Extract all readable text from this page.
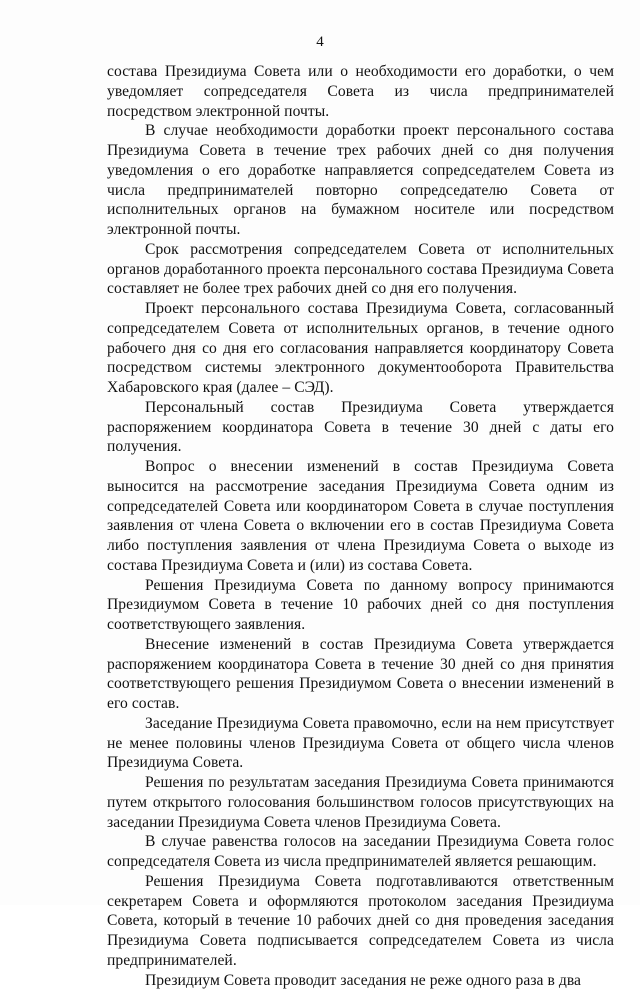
4

состава Президиума Совета или о необходимости его доработки, о чем уведомляет сопредседателя Совета из числа предпринимателей посредством электронной почты.

В случае необходимости доработки проект персонального состава Президиума Совета в течение трех рабочих дней со дня получения уведомления о его доработке направляется сопредседателем Совета из числа предпринимателей повторно сопредседателю Совета от исполнительных органов на бумажном носителе или посредством электронной почты.

Срок рассмотрения сопредседателем Совета от исполнительных органов доработанного проекта персонального состава Президиума Совета составляет не более трех рабочих дней со дня его получения.

Проект персонального состава Президиума Совета, согласованный сопредседателем Совета от исполнительных органов, в течение одного рабочего дня со дня его согласования направляется координатору Совета посредством системы электронного документооборота Правительства Хабаровского края (далее – СЭД).

Персональный состав Президиума Совета утверждается распоряжением координатора Совета в течение 30 дней с даты его получения.

Вопрос о внесении изменений в состав Президиума Совета выносится на рассмотрение заседания Президиума Совета одним из сопредседателей Совета или координатором Совета в случае поступления заявления от члена Совета о включении его в состав Президиума Совета либо поступления заявления от члена Президиума Совета о выходе из состава Президиума Совета и (или) из состава Совета.

Решения Президиума Совета по данному вопросу принимаются Президиумом Совета в течение 10 рабочих дней со дня поступления соответствующего заявления.

Внесение изменений в состав Президиума Совета утверждается распоряжением координатора Совета в течение 30 дней со дня принятия соответствующего решения Президиумом Совета о внесении изменений в его состав.

Заседание Президиума Совета правомочно, если на нем присутствует не менее половины членов Президиума Совета от общего числа членов Президиума Совета.

Решения по результатам заседания Президиума Совета принимаются путем открытого голосования большинством голосов присутствующих на заседании Президиума Совета членов Президиума Совета.

В случае равенства голосов на заседании Президиума Совета голос сопредседателя Совета из числа предпринимателей является решающим.

Решения Президиума Совета подготавливаются ответственным секретарем Совета и оформляются протоколом заседания Президиума Совета, который в течение 10 рабочих дней со дня проведения заседания Президиума Совета подписывается сопредседателем Совета из числа предпринимателей.

Президиум Совета проводит заседания не реже одного раза в два
